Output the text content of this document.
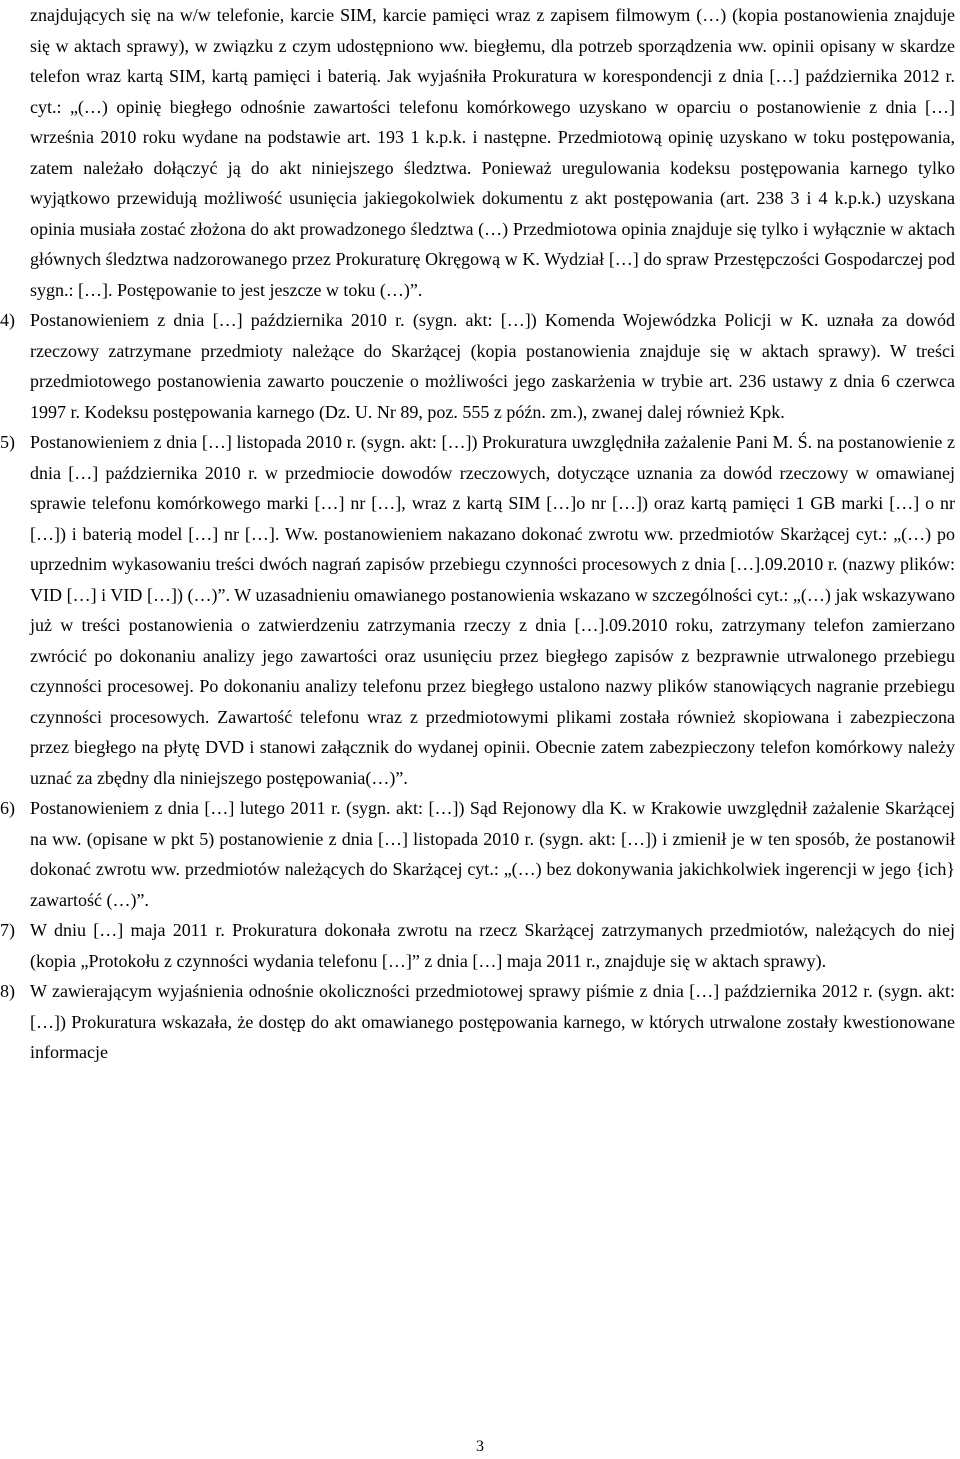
znajdujących się na w/w telefonie, karcie SIM, karcie pamięci wraz z zapisem filmowym (…) (kopia postanowienia znajduje się w aktach sprawy), w związku z czym udostępniono ww. biegłemu, dla potrzeb sporządzenia ww. opinii opisany w skardze telefon wraz kartą SIM, kartą pamięci i baterią. Jak wyjaśniła Prokuratura w korespondencji z dnia […] października 2012 r. cyt.: „(…) opinię biegłego odnośnie zawartości telefonu komórkowego uzyskano w oparciu o postanowienie z dnia […] września 2010 roku wydane na podstawie art. 193 1 k.p.k. i następne. Przedmiotową opinię uzyskano w toku postępowania, zatem należało dołączyć ją do akt niniejszego śledztwa. Ponieważ uregulowania kodeksu postępowania karnego tylko wyjątkowo przewidują możliwość usunięcia jakiegokolwiek dokumentu z akt postępowania (art. 238 3 i 4 k.p.k.) uzyskana opinia musiała zostać złożona do akt prowadzonego śledztwa (…) Przedmiotowa opinia znajduje się tylko i wyłącznie w aktach głównych śledztwa nadzorowanego przez Prokuraturę Okręgową w K. Wydział […] do spraw Przestępczości Gospodarczej pod sygn.: […]. Postępowanie to jest jeszcze w toku (…)”.

4) Postanowieniem z dnia […] października 2010 r. (sygn. akt: […]) Komenda Wojewódzka Policji w K. uznała za dowód rzeczowy zatrzymane przedmioty należące do Skarżącej (kopia postanowienia znajduje się w aktach sprawy). W treści przedmiotowego postanowienia zawarto pouczenie o możliwości jego zaskarżenia w trybie art. 236 ustawy z dnia 6 czerwca 1997 r. Kodeksu postępowania karnego (Dz. U. Nr 89, poz. 555 z późn. zm.), zwanej dalej również Kpk.
5) Postanowieniem z dnia […] listopada 2010 r. (sygn. akt: […]) Prokuratura uwzględniła zażalenie Pani M. Ś. na postanowienie z dnia […] października 2010 r. w przedmiocie dowodów rzeczowych, dotyczące uznania za dowód rzeczowy w omawianej sprawie telefonu komórkowego marki […] nr […], wraz z kartą SIM […]o nr […]) oraz kartą pamięci 1 GB marki […] o nr […]) i baterią model […] nr […]. Ww. postanowieniem nakazano dokonać zwrotu ww. przedmiotów Skarżącej cyt.: „(…) po uprzednim wykasowaniu treści dwóch nagrań zapisów przebiegu czynności procesowych z dnia […].09.2010 r. (nazwy plików: VID […] i VID […]) (…)”. W uzasadnieniu omawianego postanowienia wskazano w szczególności cyt.: „(…) jak wskazywano już w treści postanowienia o zatwierdzeniu zatrzymania rzeczy z dnia […].09.2010 roku, zatrzymany telefon zamierzano zwrócić po dokonaniu analizy jego zawartości oraz usunięciu przez biegłego zapisów z bezprawnie utrwalonego przebiegu czynności procesowej. Po dokonaniu analizy telefonu przez biegłego ustalono nazwy plików stanowiących nagranie przebiegu czynności procesowych. Zawartość telefonu wraz z przedmiotowymi plikami została również skopiowana i zabezpieczona przez biegłego na płytę DVD i stanowi załącznik do wydanej opinii. Obecnie zatem zabezpieczony telefon komórkowy należy uznać za zbędny dla niniejszego postępowania(…)”.
6) Postanowieniem z dnia […] lutego 2011 r. (sygn. akt: […]) Sąd Rejonowy dla K. w Krakowie uwzględnił zażalenie Skarżącej na ww. (opisane w pkt 5) postanowienie z dnia […] listopada 2010 r. (sygn. akt: […]) i zmienił je w ten sposób, że postanowił dokonać zwrotu ww. przedmiotów należących do Skarżącej cyt.: „(…) bez dokonywania jakichkolwiek ingerencji w jego {ich} zawartość (…)”.
7) W dniu […] maja 2011 r. Prokuratura dokonała zwrotu na rzecz Skarżącej zatrzymanych przedmiotów, należących do niej (kopia „Protokołu z czynności wydania telefonu […]” z dnia […] maja 2011 r., znajduje się w aktach sprawy).
8) W zawierającym wyjaśnienia odnośnie okoliczności przedmiotowej sprawy piśmie z dnia […] października 2012 r. (sygn. akt: […]) Prokuratura wskazała, że dostęp do akt omawianego postępowania karnego, w których utrwalone zostały kwestionowane informacje
3
